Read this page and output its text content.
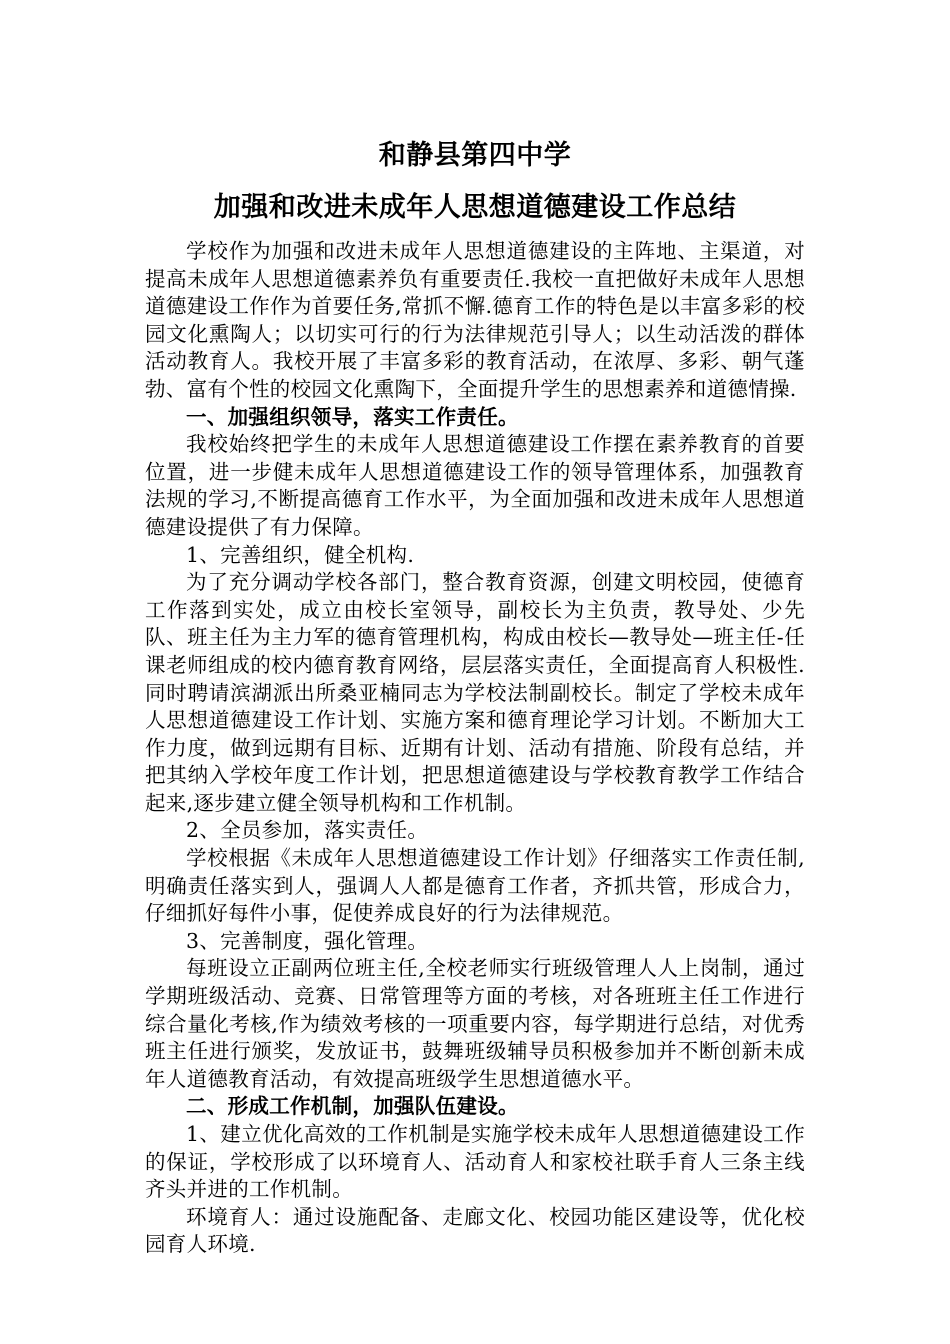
和静县第四中学
加强和改进未成年人思想道德建设工作总结

学校作为加强和改进未成年人思想道德建设的主阵地、主渠道，对提高未成年人思想道德素养负有重要责任.我校一直把做好未成年人思想道德建设工作作为首要任务,常抓不懈.德育工作的特色是以丰富多彩的校园文化熏陶人；以切实可行的行为法律规范引导人；以生动活泼的群体活动教育人。我校开展了丰富多彩的教育活动，在浓厚、多彩、朝气蓬勃、富有个性的校园文化熏陶下，全面提升学生的思想素养和道德情操.

一、加强组织领导，落实工作责任。

我校始终把学生的未成年人思想道德建设工作摆在素养教育的首要位置，进一步健未成年人思想道德建设工作的领导管理体系，加强教育法规的学习,不断提高德育工作水平，为全面加强和改进未成年人思想道德建设提供了有力保障。

1、完善组织，健全机构.

为了充分调动学校各部门，整合教育资源，创建文明校园，使德育工作落到实处，成立由校长室领导，副校长为主负责，教导处、少先队、班主任为主力军的德育管理机构，构成由校长—教导处—班主任-任课老师组成的校内德育教育网络，层层落实责任，全面提高育人积极性.同时聘请滨湖派出所桑亚楠同志为学校法制副校长。制定了学校未成年人思想道德建设工作计划、实施方案和德育理论学习计划。不断加大工作力度，做到远期有目标、近期有计划、活动有措施、阶段有总结，并把其纳入学校年度工作计划，把思想道德建设与学校教育教学工作结合起来,逐步建立健全领导机构和工作机制。

2、全员参加，落实责任。

学校根据《未成年人思想道德建设工作计划》仔细落实工作责任制,明确责任落实到人，强调人人都是德育工作者，齐抓共管，形成合力，仔细抓好每件小事，促使养成良好的行为法律规范。

3、完善制度，强化管理。

每班设立正副两位班主任,全校老师实行班级管理人人上岗制，通过学期班级活动、竞赛、日常管理等方面的考核，对各班班主任工作进行综合量化考核,作为绩效考核的一项重要内容，每学期进行总结，对优秀班主任进行颁奖，发放证书，鼓舞班级辅导员积极参加并不断创新未成年人道德教育活动，有效提高班级学生思想道德水平。

二、形成工作机制，加强队伍建设。

1、建立优化高效的工作机制是实施学校未成年人思想道德建设工作的保证，学校形成了以环境育人、活动育人和家校社联手育人三条主线齐头并进的工作机制。

环境育人：通过设施配备、走廊文化、校园功能区建设等，优化校园育人环境.
